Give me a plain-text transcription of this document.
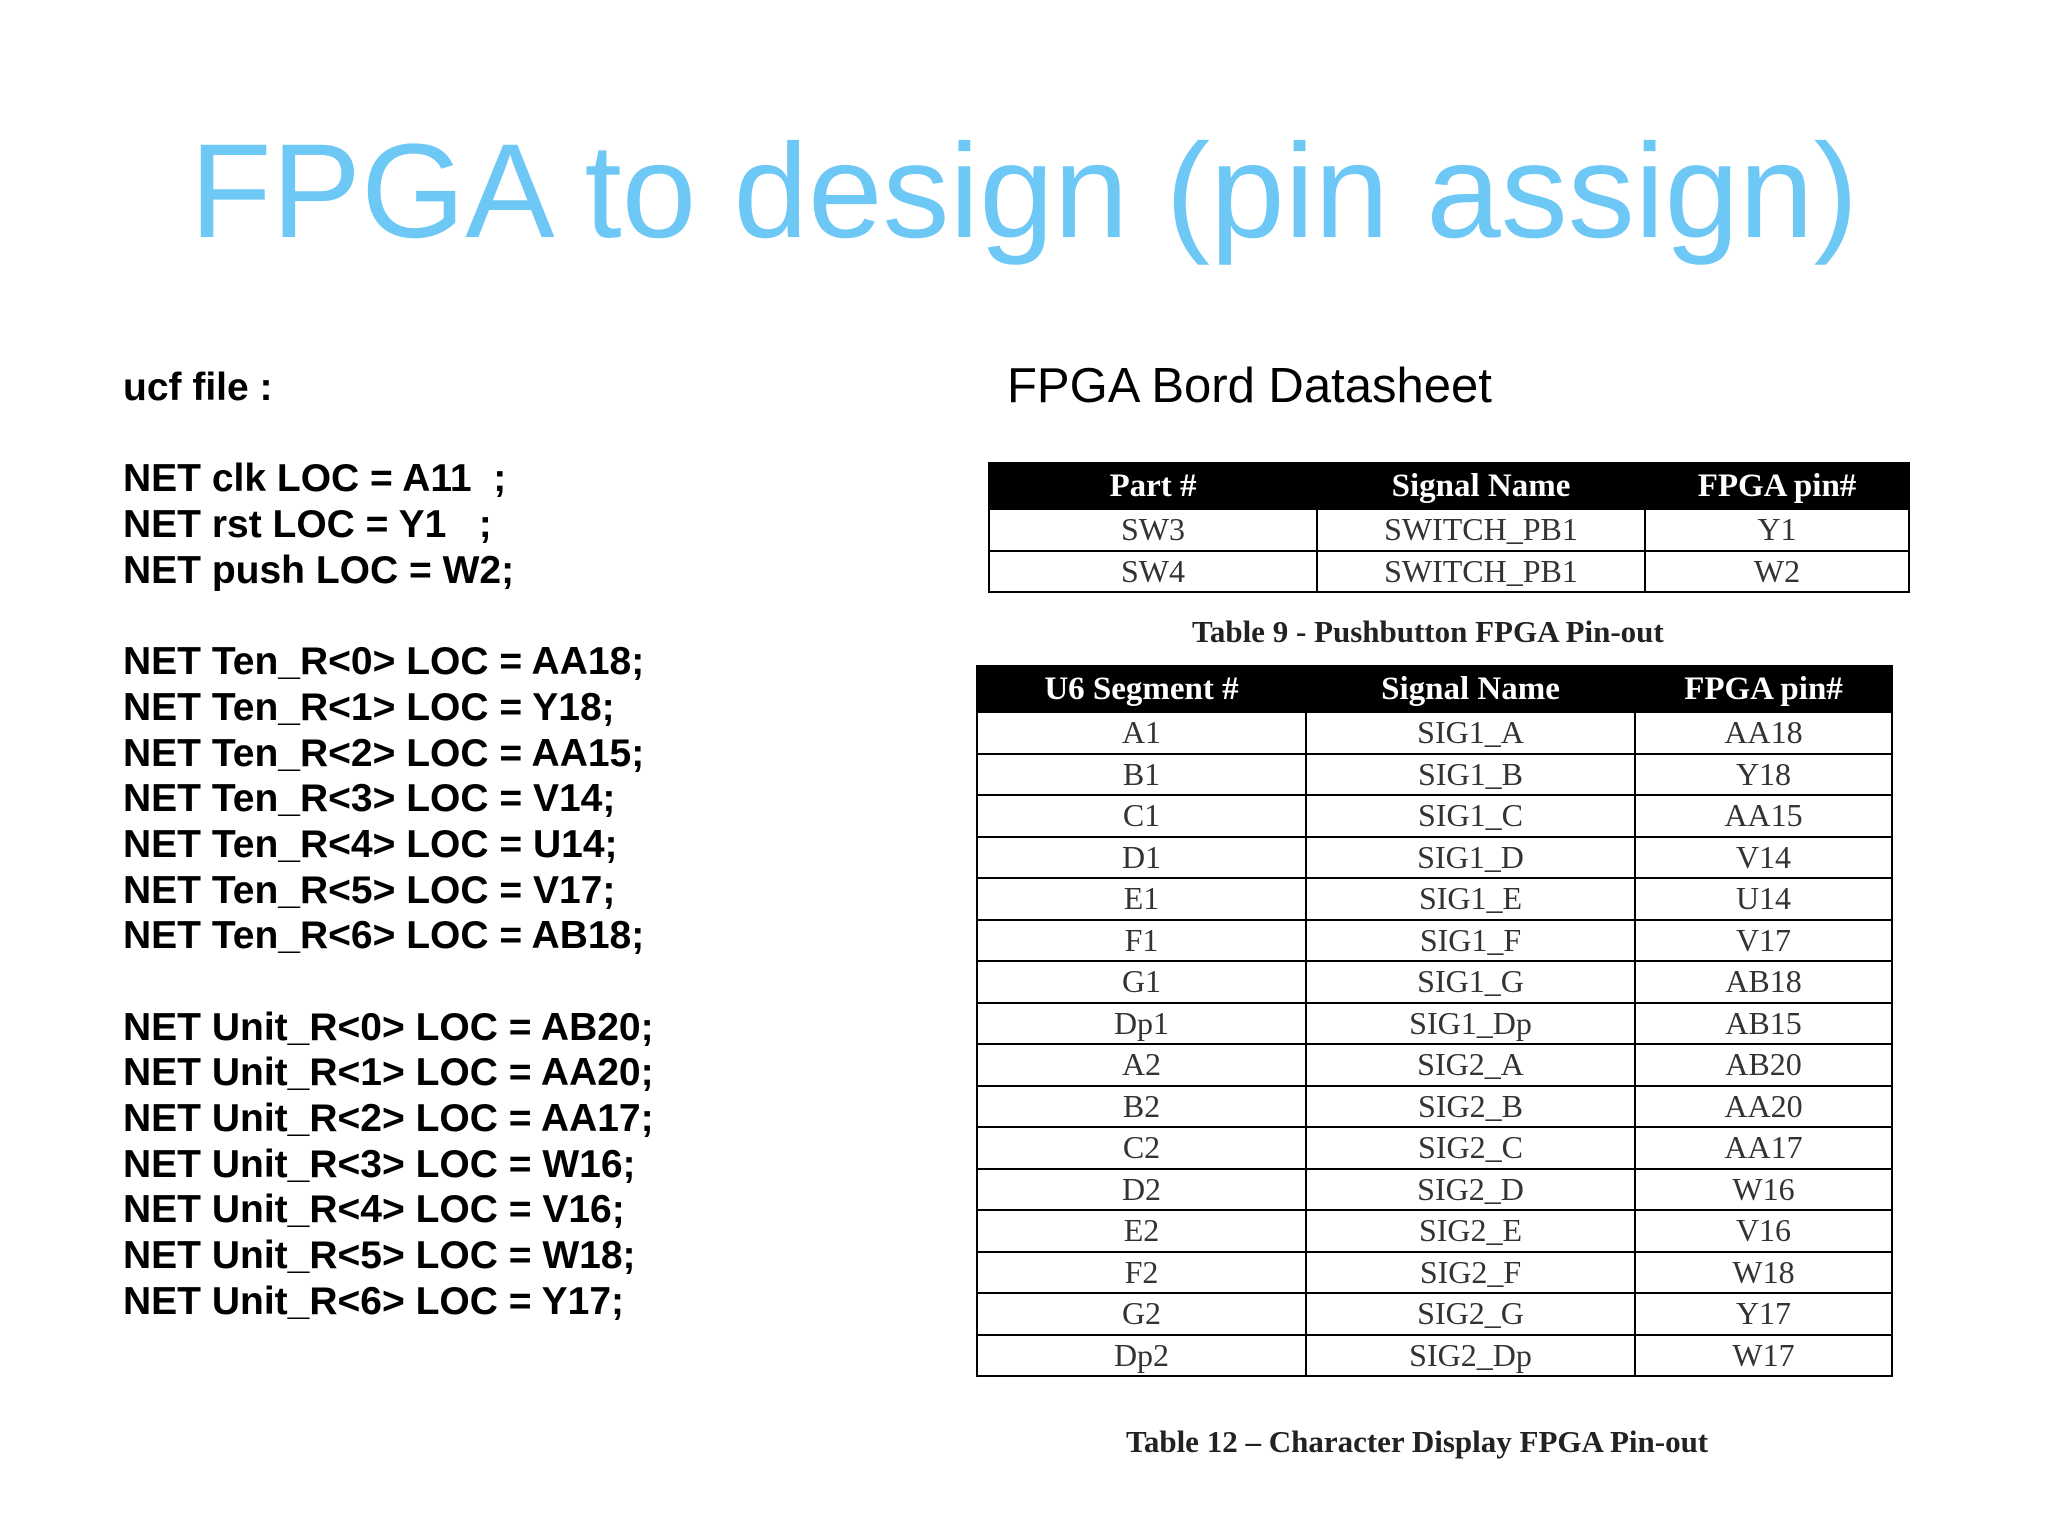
FPGA to design (pin assign)
ucf file :
NET clk LOC = A11  ;
NET rst LOC = Y1   ;
NET push LOC = W2;
NET Ten_R<0> LOC = AA18;
NET Ten_R<1> LOC = Y18;
NET Ten_R<2> LOC = AA15;
NET Ten_R<3> LOC = V14;
NET Ten_R<4> LOC = U14;
NET Ten_R<5> LOC = V17;
NET Ten_R<6> LOC = AB18;
NET Unit_R<0> LOC = AB20;
NET Unit_R<1> LOC = AA20;
NET Unit_R<2> LOC = AA17;
NET Unit_R<3> LOC = W16;
NET Unit_R<4> LOC = V16;
NET Unit_R<5> LOC = W18;
NET Unit_R<6> LOC = Y17;
FPGA Bord Datasheet
Part #	Signal Name	FPGA pin#
SW3	SWITCH_PB1	Y1
SW4	SWITCH_PB1	W2
Table 9 - Pushbutton FPGA Pin-out
U6 Segment #	Signal Name	FPGA pin#
A1	SIG1_A	AA18
B1	SIG1_B	Y18
C1	SIG1_C	AA15
D1	SIG1_D	V14
E1	SIG1_E	U14
F1	SIG1_F	V17
G1	SIG1_G	AB18
Dp1	SIG1_Dp	AB15
A2	SIG2_A	AB20
B2	SIG2_B	AA20
C2	SIG2_C	AA17
D2	SIG2_D	W16
E2	SIG2_E	V16
F2	SIG2_F	W18
G2	SIG2_G	Y17
Dp2	SIG2_Dp	W17
Table 12 – Character Display FPGA Pin-out
